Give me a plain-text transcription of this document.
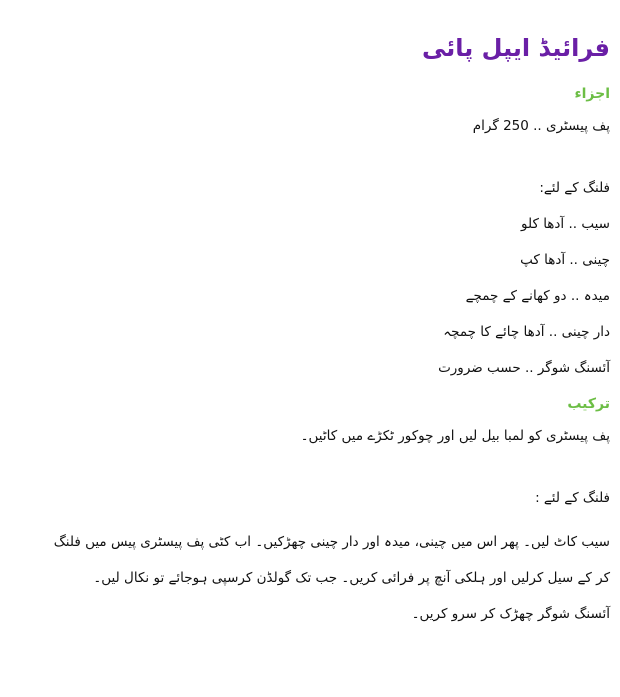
فرائیڈ ایپل پائی
اجزاء
پف پیسٹری .. 250 گرام
فلنگ کے لئے:
سیب .. آدھا کلو
چینی .. آدھا کپ
میدہ .. دو کھانے کے چمچے
دار چینی .. آدھا چائے کا چمچہ
آئسنگ شوگر .. حسب ضرورت
ترکیب
پف پیسٹری کو لمبا بیل لیں اور چوکور ٹکڑے میں کاٹیں۔
فلنگ کے لئے :
سیب کاٹ لیں۔ پھر اس میں چینی، میدہ اور دار چینی چھڑکیں۔ اب کٹی پف پیسٹری پیس میں فلنگ
کر کے سیل کرلیں اور ہلکی آنچ پر فرائی کریں۔ جب تک گولڈن کرسپی ہوجائے تو نکال لیں۔
آئسنگ شوگر چھڑک کر سرو کریں۔
